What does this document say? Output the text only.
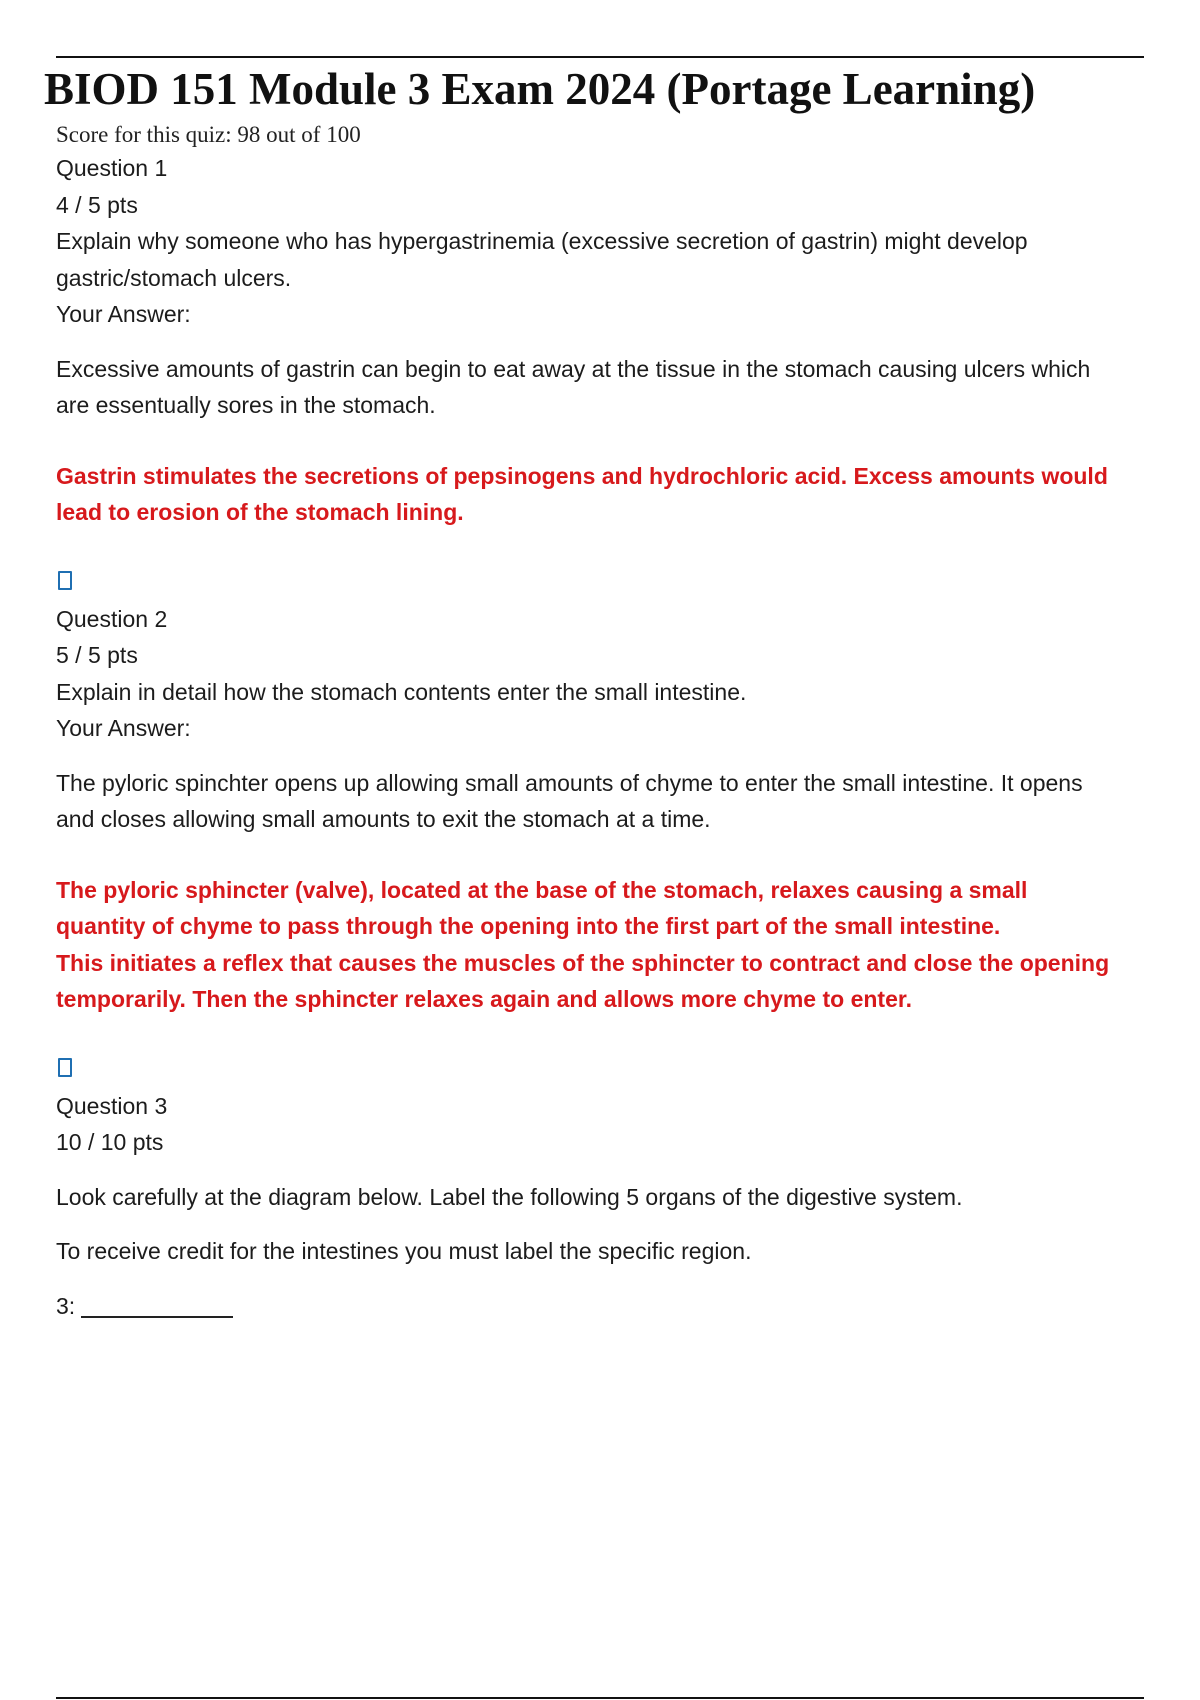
BIOD 151 Module 3 Exam 2024 (Portage Learning)
Score for this quiz: 98 out of 100
Question 1
4 / 5 pts
Explain why someone who has hypergastrinemia (excessive secretion of gastrin) might develop
gastric/stomach ulcers.
Your Answer:
Excessive amounts of gastrin can begin to eat away at the tissue in the stomach causing ulcers which
are essentually sores in the stomach.
Gastrin stimulates the secretions of pepsinogens and hydrochloric acid. Excess amounts would
lead to erosion of the stomach lining.
Question 2
5 / 5 pts
Explain in detail how the stomach contents enter the small intestine.
Your Answer:
The pyloric spinchter opens up allowing small amounts of chyme to enter the small intestine. It opens
and closes allowing small amounts to exit the stomach at a time.
The pyloric sphincter (valve), located at the base of the stomach, relaxes causing a small
quantity of chyme to pass through the opening into the first part of the small intestine.
This initiates a reflex that causes the muscles of the sphincter to contract and close the opening
temporarily. Then the sphincter relaxes again and allows more chyme to enter.
Question 3
10 / 10 pts
Look carefully at the diagram below. Label the following 5 organs of the digestive system.
To receive credit for the intestines you must label the specific region.
3:
